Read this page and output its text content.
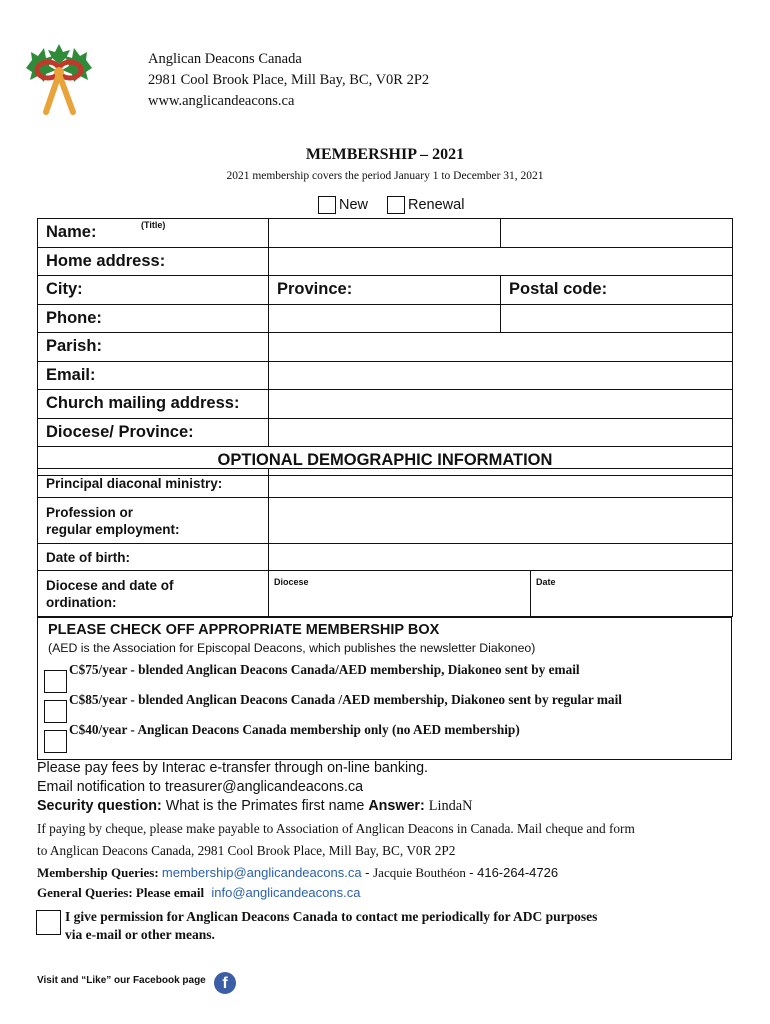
Anglican Deacons Canada
2981 Cool Brook Place, Mill Bay, BC, V0R 2P2
www.anglicandeacons.ca
MEMBERSHIP – 2021
2021 membership covers the period January 1 to December 31, 2021
New	Renewal
Name: (Title)		

Home address:		
City:	Province:	Postal code:
Phone:		
Parish:		
Email:		
Church mailing address:		
Diocese/ Province:		
OPTIONAL DEMOGRAPHIC INFORMATION		
Principal diaconal ministry:		

Profession or
regular employment:		

Date of birth:		

Diocese and date of
ordination:	Diocese	Date
PLEASE CHECK OFF APPROPRIATE MEMBERSHIP BOX
(AED is the Association for Episcopal Deacons, which publishes the newsletter Diakoneo)
C$75/year - blended Anglican Deacons Canada/AED membership, Diakoneo sent by email
C$85/year - blended Anglican Deacons Canada /AED membership, Diakoneo sent by regular mail
C$40/year - Anglican Deacons Canada membership only (no AED membership)
Please pay fees by Interac e-transfer through on-line banking.
Email notification to treasurer@anglicandeacons.ca
Security question: What is the Primates first name Answer: LindaN
If paying by cheque, please make payable to Association of Anglican Deacons in Canada. Mail cheque and form
to Anglican Deacons Canada, 2981 Cool Brook Place, Mill Bay, BC, V0R 2P2
Membership Queries: membership@anglicandeacons.ca - Jacquie Bouthéon - 416-264-4726
General Queries: Please email info@anglicandeacons.ca
I give permission for Anglican Deacons Canada to contact me periodically for ADC purposes
via e-mail or other means.
Visit and “Like” our Facebook page	f
